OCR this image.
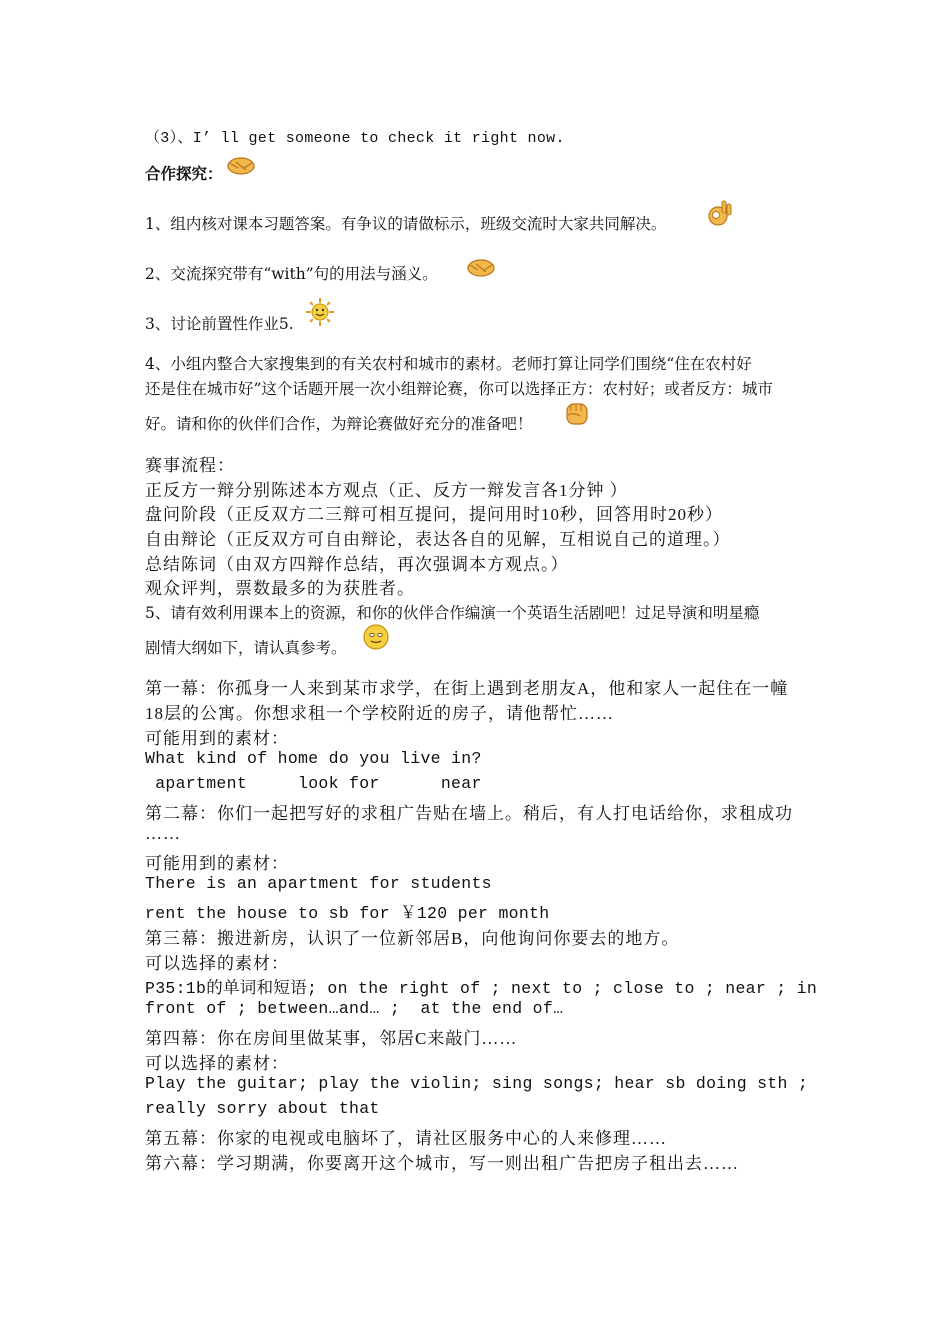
（3）、I’ ll get someone to check it right now.
合作探究：
1、组内核对课本习题答案。有争议的请做标示，班级交流时大家共同解决。
2、交流探究带有“with”句的用法与涵义。
3、讨论前置性作业5.
4、小组内整合大家搜集到的有关农村和城市的素材。老师打算让同学们围绕“住在农村好
还是住在城市好”这个话题开展一次小组辩论赛，你可以选择正方：农村好；或者反方：城市
好。请和你的伙伴们合作，为辩论赛做好充分的准备吧！
赛事流程：
正反方一辩分别陈述本方观点（正、反方一辩发言各1分钟 ）
盘问阶段（正反双方二三辩可相互提问，提问用时10秒，回答用时20秒）
自由辩论（正反双方可自由辩论，表达各自的见解，互相说自己的道理。）
总结陈词（由双方四辩作总结，再次强调本方观点。）
观众评判，票数最多的为获胜者。
5、请有效利用课本上的资源，和你的伙伴合作编演一个英语生活剧吧！过足导演和明星瘾
剧情大纲如下，请认真参考。
第一幕：你孤身一人来到某市求学，在街上遇到老朋友A，他和家人一起住在一幢
18层的公寓。你想求租一个学校附近的房子，请他帮忙……
可能用到的素材：
What kind of home do you live in?
apartment     look for      near
第二幕：你们一起把写好的求租广告贴在墙上。稍后，有人打电话给你，求租成功
……
可能用到的素材：
There is an apartment for students
rent the house to sb for ￥120 per month
第三幕：搬进新房，认识了一位新邻居B，向他询问你要去的地方。
可以选择的素材：
P35:1b的单词和短语; on the right of ; next to ; close to ; near ; in
front of ; between…and… ;  at the end of…
第四幕：你在房间里做某事，邻居C来敲门……
可以选择的素材：
Play the guitar; play the violin; sing songs; hear sb doing sth ;
really sorry about that
第五幕：你家的电视或电脑坏了，请社区服务中心的人来修理……
第六幕：学习期满，你要离开这个城市，写一则出租广告把房子租出去……
